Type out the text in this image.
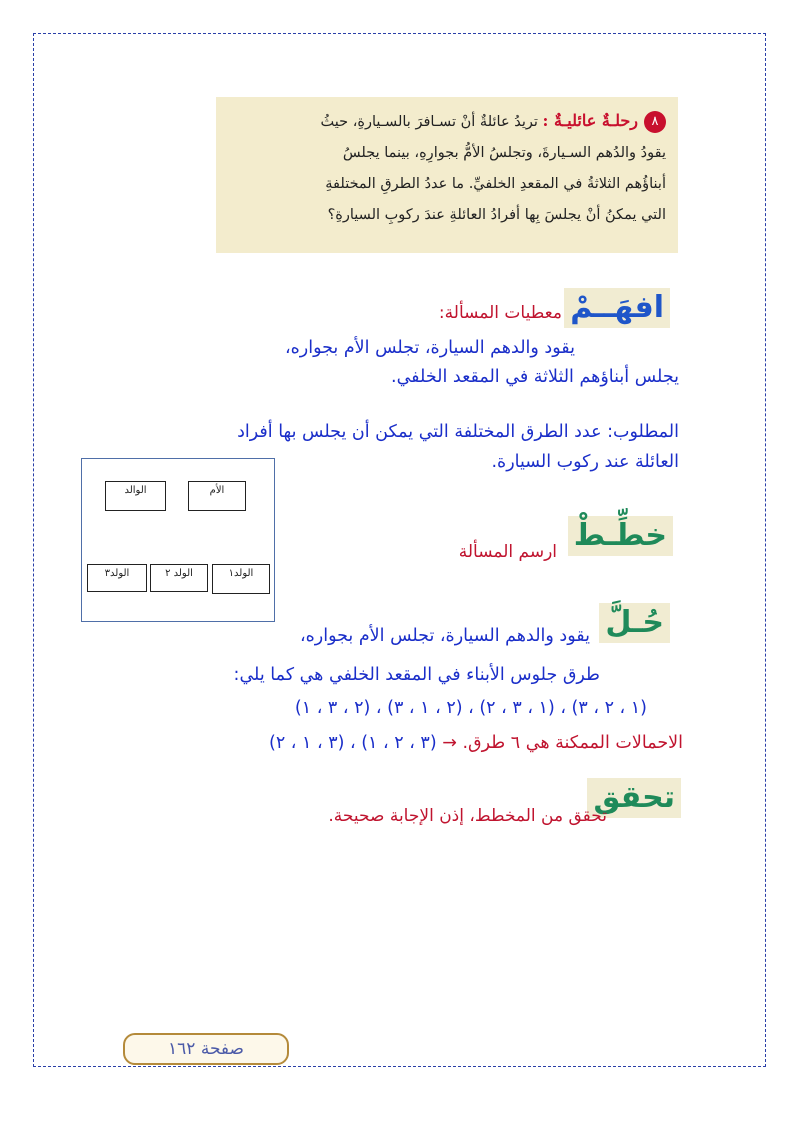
٨رحلـةٌ عائليـةٌ : تريدُ عائلةٌ أنْ تسـافرَ بالسـيارةِ، حيثُ
يقودُ والدُهم السـيارةَ، وتجلسُ الأمُّ بجوارِهِ، بينما يجلسُ
أبناؤُهم الثلاثةُ في المقعدِ الخلفيِّ. ما عددُ الطرقِ المختلفةِ
التي يمكنُ أنْ يجلسَ بِها أفرادُ العائلةِ عندَ ركوبِ السيارةِ؟
افهَــمْ
معطيات المسألة:
يقود والدهم السيارة، تجلس الأم بجواره،
يجلس أبناؤهم الثلاثة في المقعد الخلفي.
المطلوب: عدد الطرق المختلفة التي يمكن أن يجلس بها أفراد
العائلة عند ركوب السيارة.
الوالد	الأم
الولد٣	الولد ٢	الولد١
خطِّـطْ
ارسم المسألة
حُـلَّ
يقود والدهم السيارة، تجلس الأم بجواره،
طرق جلوس الأبناء في المقعد الخلفي هي كما يلي:
(١ ، ٢ ، ٣) ، (١ ، ٣ ، ٢) ، (٢ ، ١ ، ٣) ، (٢ ، ٣ ، ١)
الاحمالات الممكنة هي ٦ طرق. → (٣ ، ٢ ، ١) ، (٣ ، ١ ، ٢)
تحقق
تحقق من المخطط، إذن الإجابة صحيحة.
صفحة ١٦٢
